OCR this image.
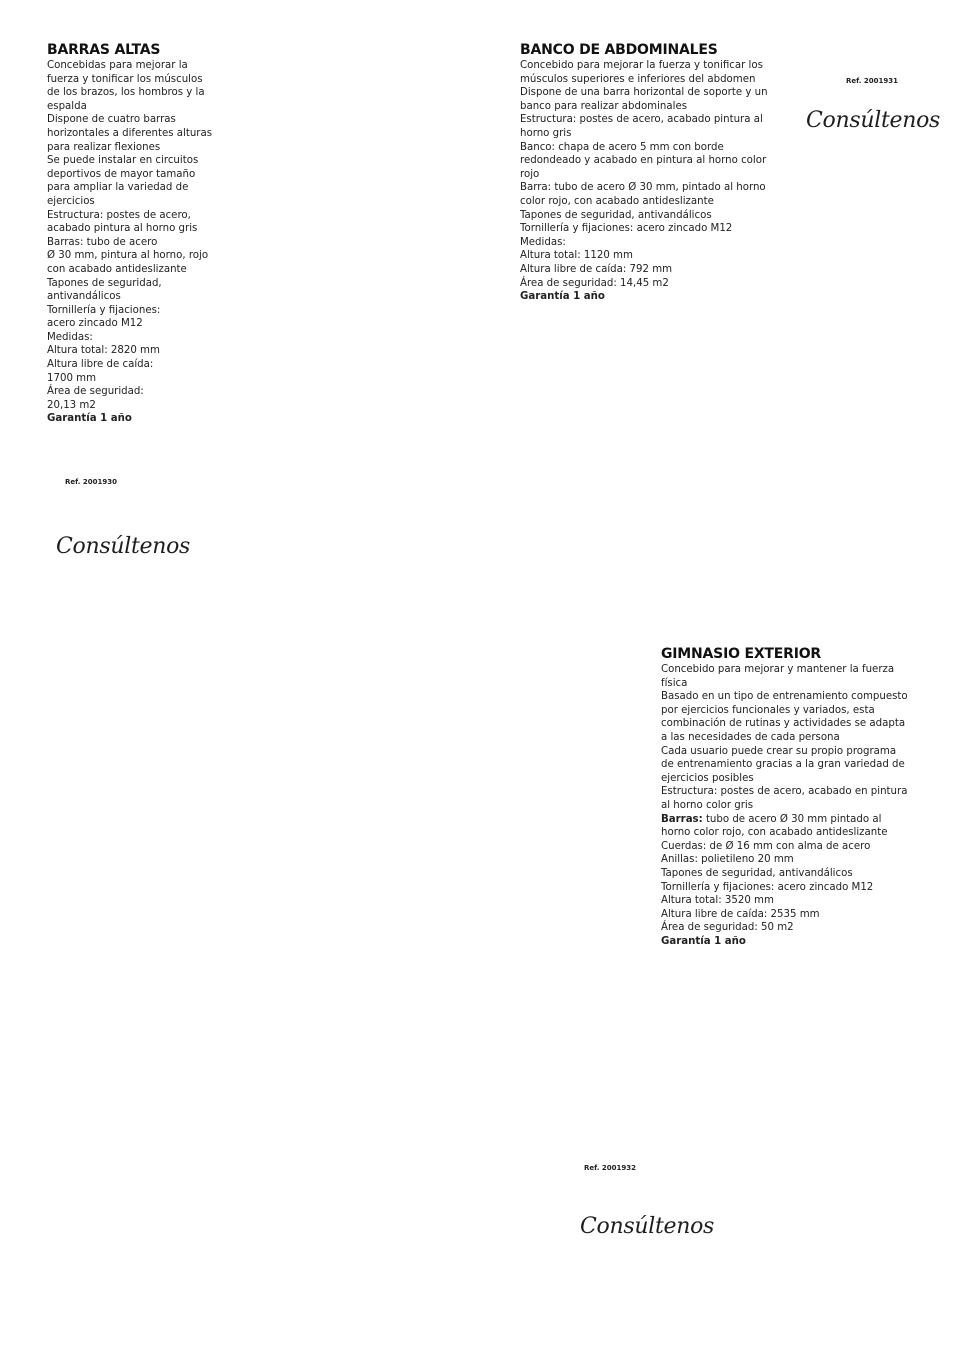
BARRAS ALTAS
Concebidas para mejorar la
fuerza y tonificar los músculos
de los brazos, los hombros y la
espalda
Dispone de cuatro barras
horizontales a diferentes alturas
para realizar flexiones
Se puede instalar en circuitos
deportivos de mayor tamaño
para ampliar la variedad de
ejercicios
Estructura: postes de acero,
acabado pintura al horno gris
Barras: tubo de acero
Ø 30 mm, pintura al horno, rojo
con acabado antideslizante
Tapones de seguridad,
antivandálicos
Tornillería y fijaciones:
acero zincado M12
Medidas:
Altura total: 2820 mm
Altura libre de caída:
1700 mm
Área de seguridad:
20,13 m2
Garantía 1 año
Ref. 2001930
Consúltenos
BANCO DE ABDOMINALES
Concebido para mejorar la fuerza y tonificar los
músculos superiores e inferiores del abdomen
Dispone de una barra horizontal de soporte y un
banco para realizar abdominales
Estructura: postes de acero, acabado pintura al
horno gris
Banco: chapa de acero 5 mm con borde
redondeado y acabado en pintura al horno color
rojo
Barra: tubo de acero Ø 30 mm, pintado al horno
color rojo, con acabado antideslizante
Tapones de seguridad, antivandálicos
Tornillería y fijaciones: acero zincado M12
Medidas:
Altura total: 1120 mm
Altura libre de caída: 792 mm
Área de seguridad: 14,45 m2
Garantía 1 año
Ref. 2001931
Consúltenos
GIMNASIO EXTERIOR
Concebido para mejorar y mantener la fuerza
física
Basado en un tipo de entrenamiento compuesto
por ejercicios funcionales y variados, esta
combinación de rutinas y actividades se adapta
a las necesidades de cada persona
Cada usuario puede crear su propio programa
de entrenamiento gracias a la gran variedad de
ejercicios posibles
Estructura: postes de acero, acabado en pintura
al horno color gris
Barras: tubo de acero Ø 30 mm pintado al
horno color rojo, con acabado antideslizante
Cuerdas: de Ø 16 mm con alma de acero
Anillas: polietileno 20 mm
Tapones de seguridad, antivandálicos
Tornillería y fijaciones: acero zincado M12
Altura total: 3520 mm
Altura libre de caída: 2535 mm
Área de seguridad: 50 m2
Garantía 1 año
Ref. 2001932
Consúltenos
